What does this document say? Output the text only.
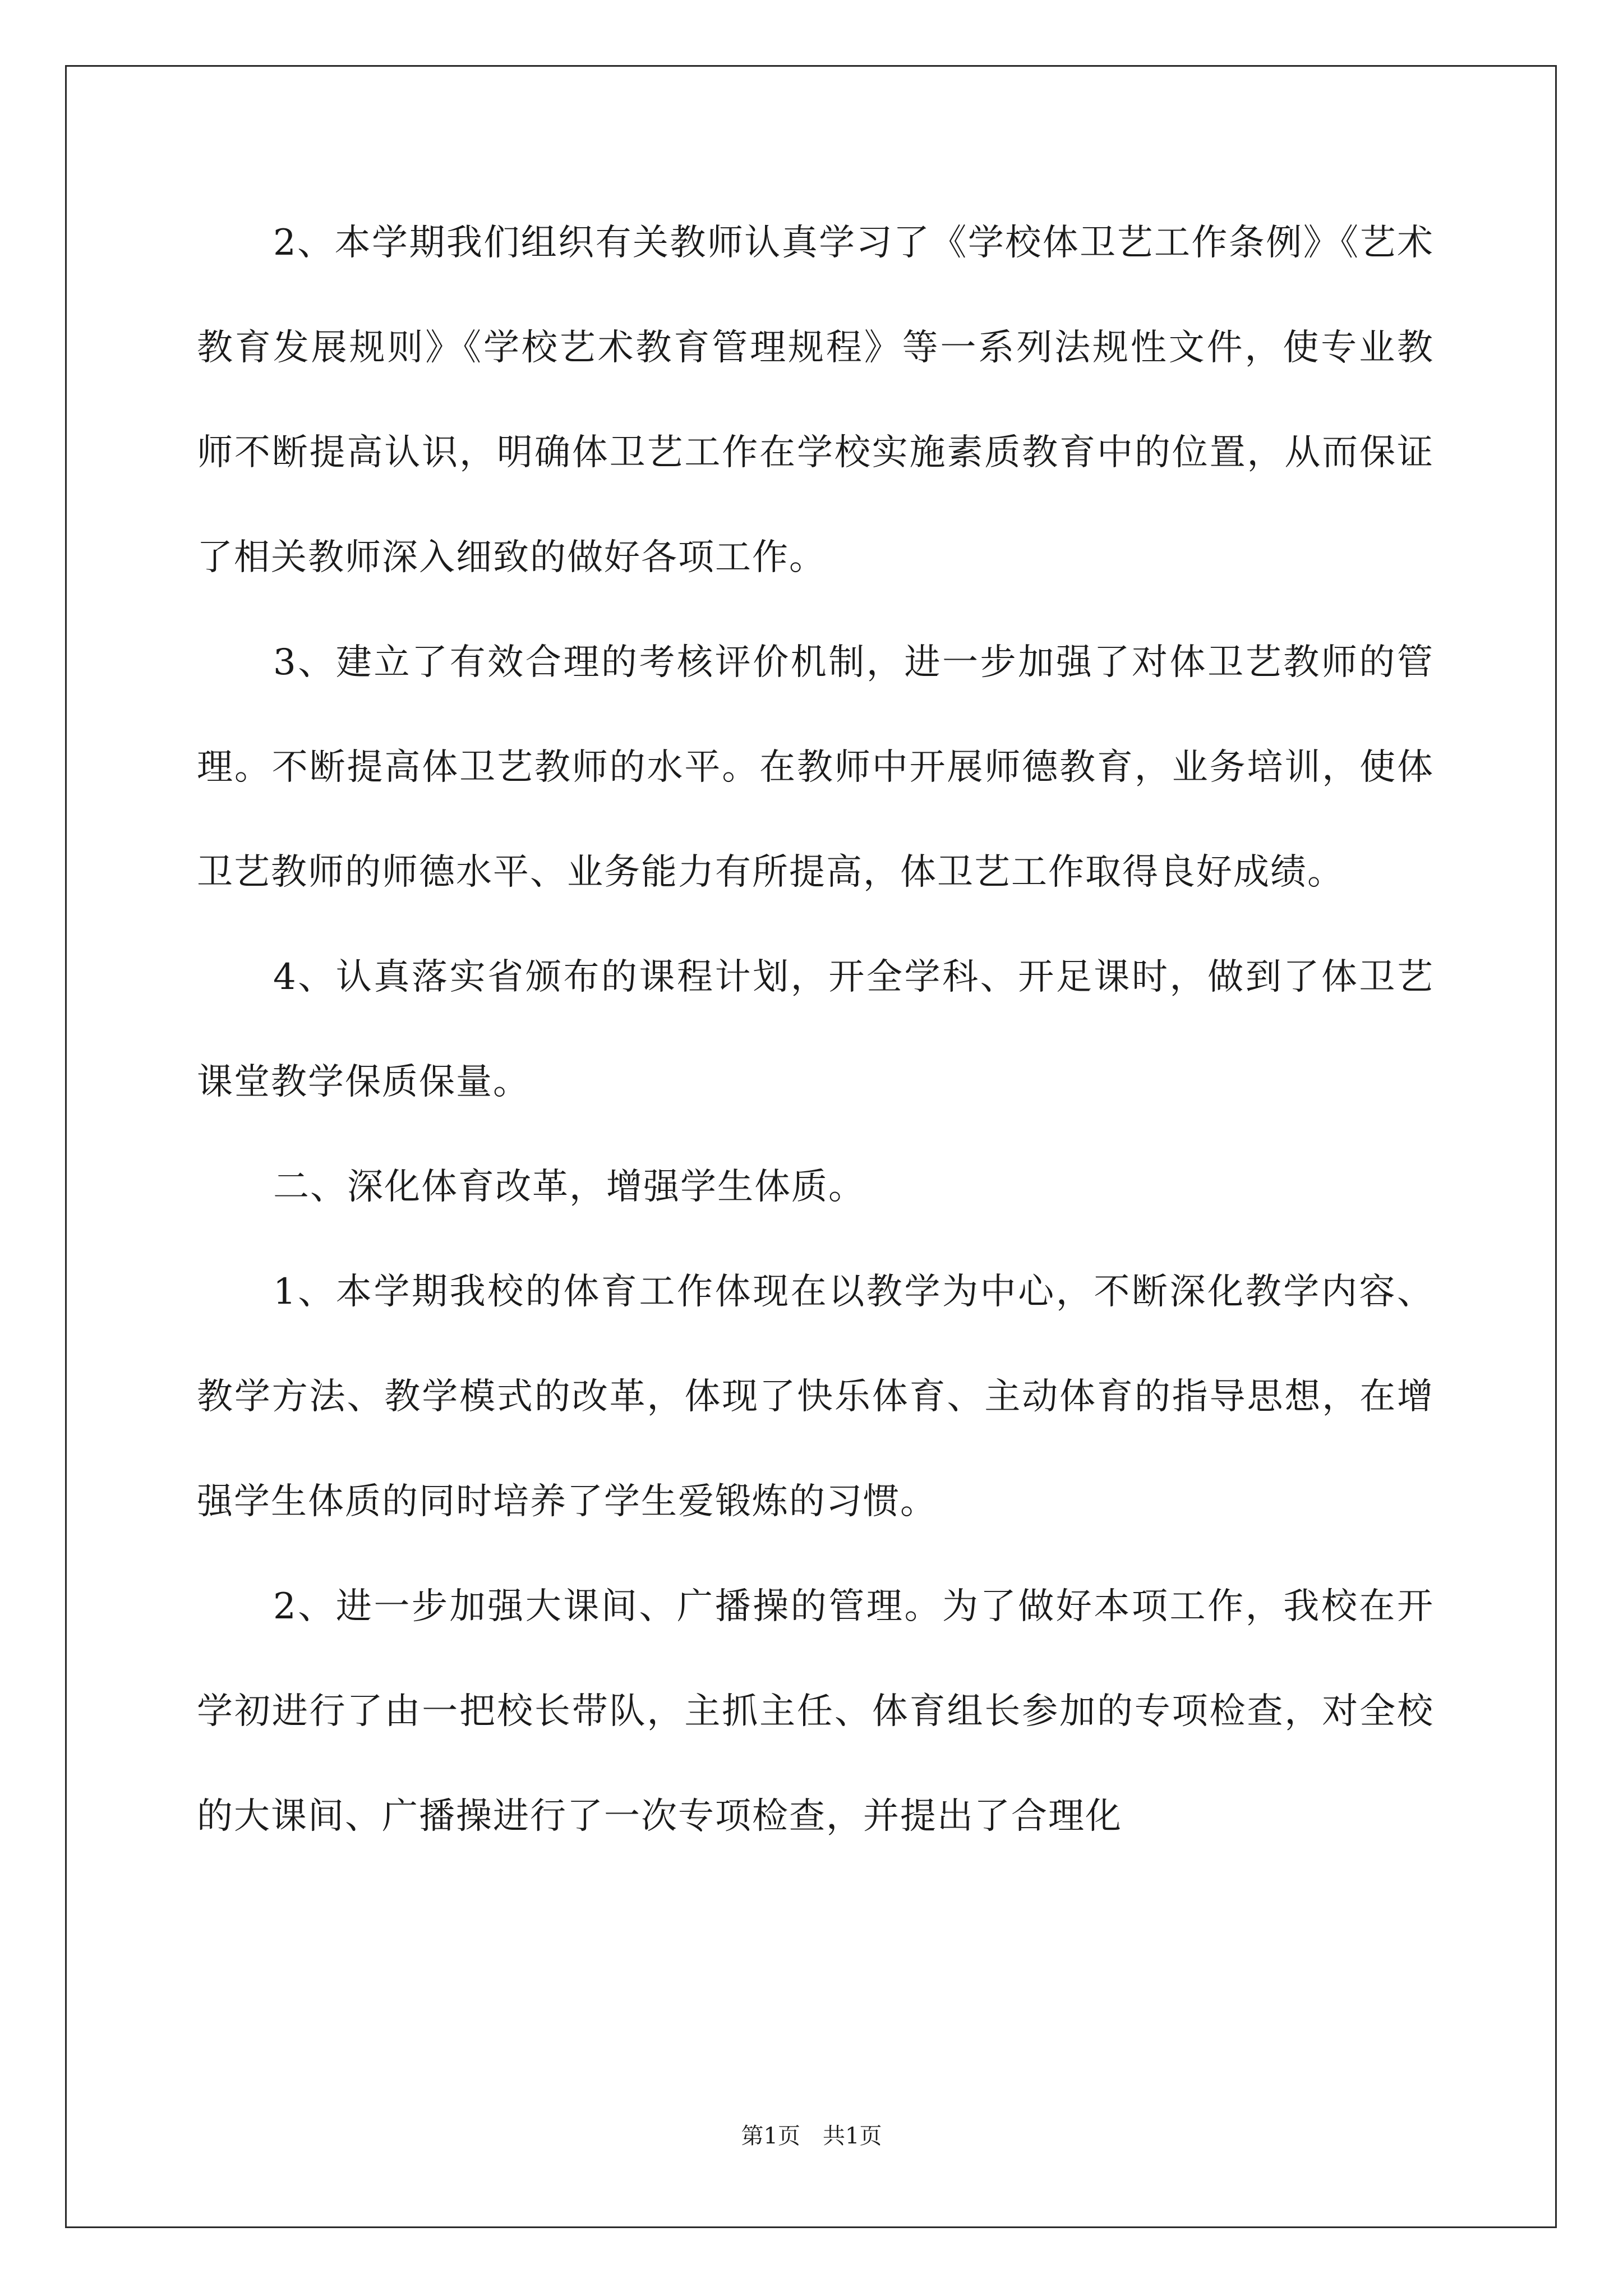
2、本学期我们组织有关教师认真学习了《学校体卫艺工作条例》《艺术教育发展规则》《学校艺术教育管理规程》等一系列法规性文件，使专业教师不断提高认识，明确体卫艺工作在学校实施素质教育中的位置，从而保证了相关教师深入细致的做好各项工作。

3、建立了有效合理的考核评价机制，进一步加强了对体卫艺教师的管理。不断提高体卫艺教师的水平。在教师中开展师德教育，业务培训，使体卫艺教师的师德水平、业务能力有所提高，体卫艺工作取得良好成绩。

4、认真落实省颁布的课程计划，开全学科、开足课时，做到了体卫艺课堂教学保质保量。

二、深化体育改革，增强学生体质。

1、本学期我校的体育工作体现在以教学为中心，不断深化教学内容、教学方法、教学模式的改革，体现了快乐体育、主动体育的指导思想，在增强学生体质的同时培养了学生爱锻炼的习惯。

2、进一步加强大课间、广播操的管理。为了做好本项工作，我校在开学初进行了由一把校长带队，主抓主任、体育组长参加的专项检查，对全校的大课间、广播操进行了一次专项检查，并提出了合理化

第1页 共1页
